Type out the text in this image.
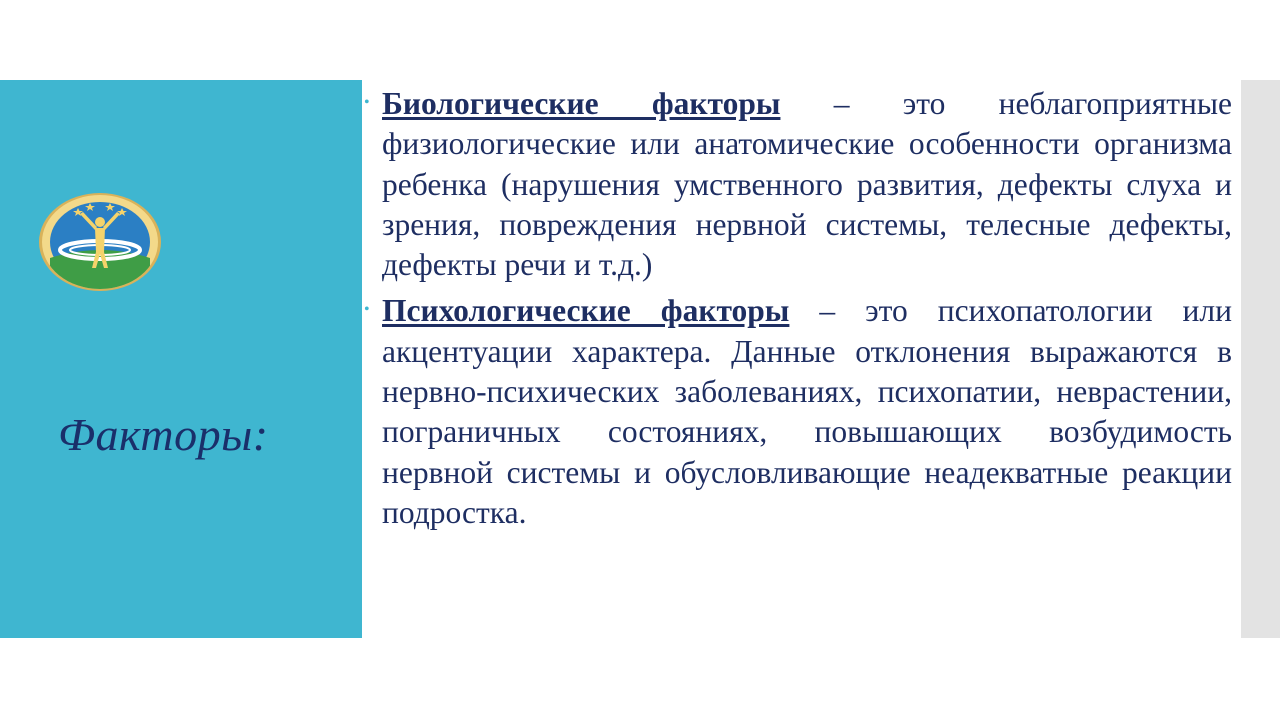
Факторы:
• Биологические факторы – это неблагоприятные физиологические или анатомические особенности организма ребенка (нарушения умственного развития, дефекты слуха и зрения, повреждения нервной системы, телесные дефекты, дефекты речи и т.д.)
• Психологические факторы – это психопатологии или акцентуации характера. Данные отклонения выражаются в нервно-психических заболеваниях, психопатии, неврастении, пограничных состояниях, повышающих возбудимость нервной системы и обусловливающие неадекватные реакции подростка.
